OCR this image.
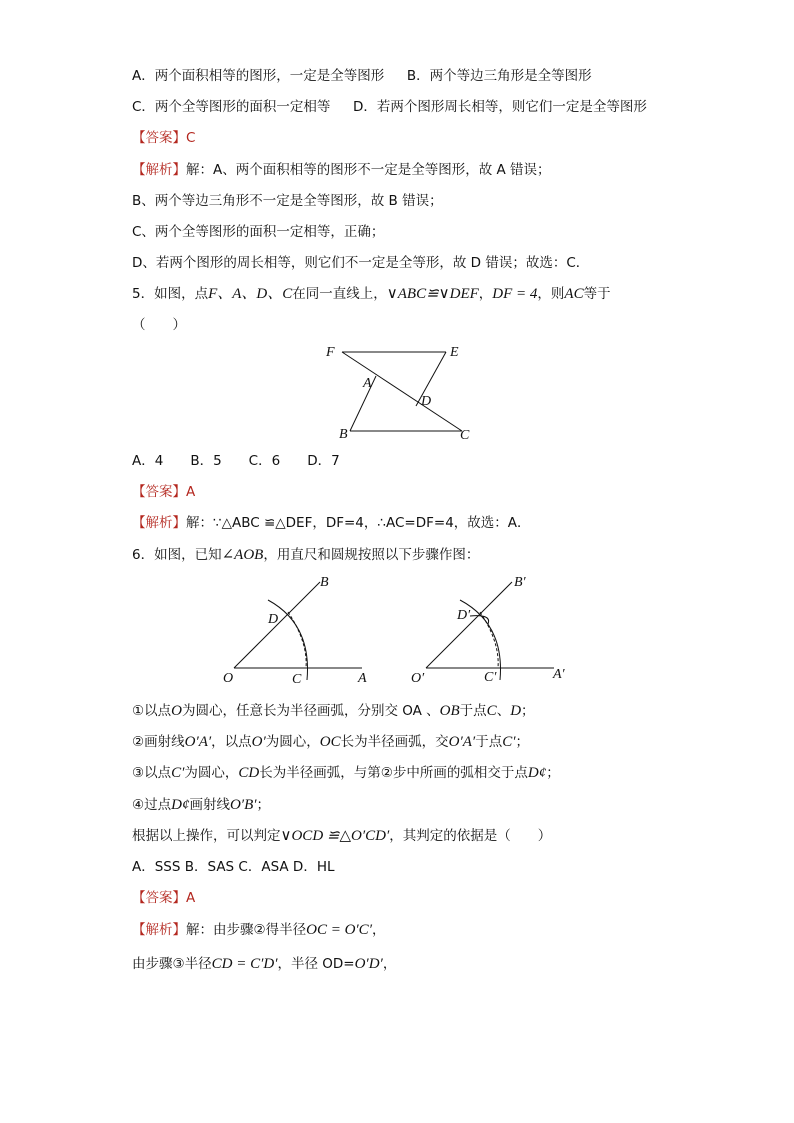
A．两个面积相等的图形，一定是全等图形 B．两个等边三角形是全等图形
C．两个全等图形的面积一定相等 D．若两个图形周长相等，则它们一定是全等图形
【答案】C
【解析】解：A、两个面积相等的图形不一定是全等图形，故 A 错误；
B、两个等边三角形不一定是全等图形，故 B 错误；
C、两个全等图形的面积一定相等，正确；
D、若两个图形的周长相等，则它们不一定是全等形，故 D 错误；故选：C．
5．如图，点F、A、D、C在同一直线上，∨ABC≌∨DEF，DF = 4，则AC等于
（　　）
F	E
A
D
B	C
A．4　　B．5　　C．6　　D．7
【答案】A
【解析】解：∵△ABC ≌△DEF，DF=4，∴AC=DF=4，故选：A．
6．如图，已知∠AOB，用直尺和圆规按照以下步骤作图：
B
D
O	C	A
B′
D′
O′	C′	A′
①以点O为圆心，任意长为半径画弧，分别交 OA 、OB于点C、D；
②画射线O′A′，以点O′为圆心，OC长为半径画弧，交O′A′于点C′；
③以点C′为圆心，CD长为半径画弧，与第②步中所画的弧相交于点D¢；
④过点D¢画射线O′B′；
根据以上操作，可以判定∨OCD ≌△O′CD′，其判定的依据是（　　）
A．SSS B．SAS C．ASA D．HL
【答案】A
【解析】解：由步骤②得半径OC = O′C′，
由步骤③半径CD = C′D′，半径 OD=O′D′，
